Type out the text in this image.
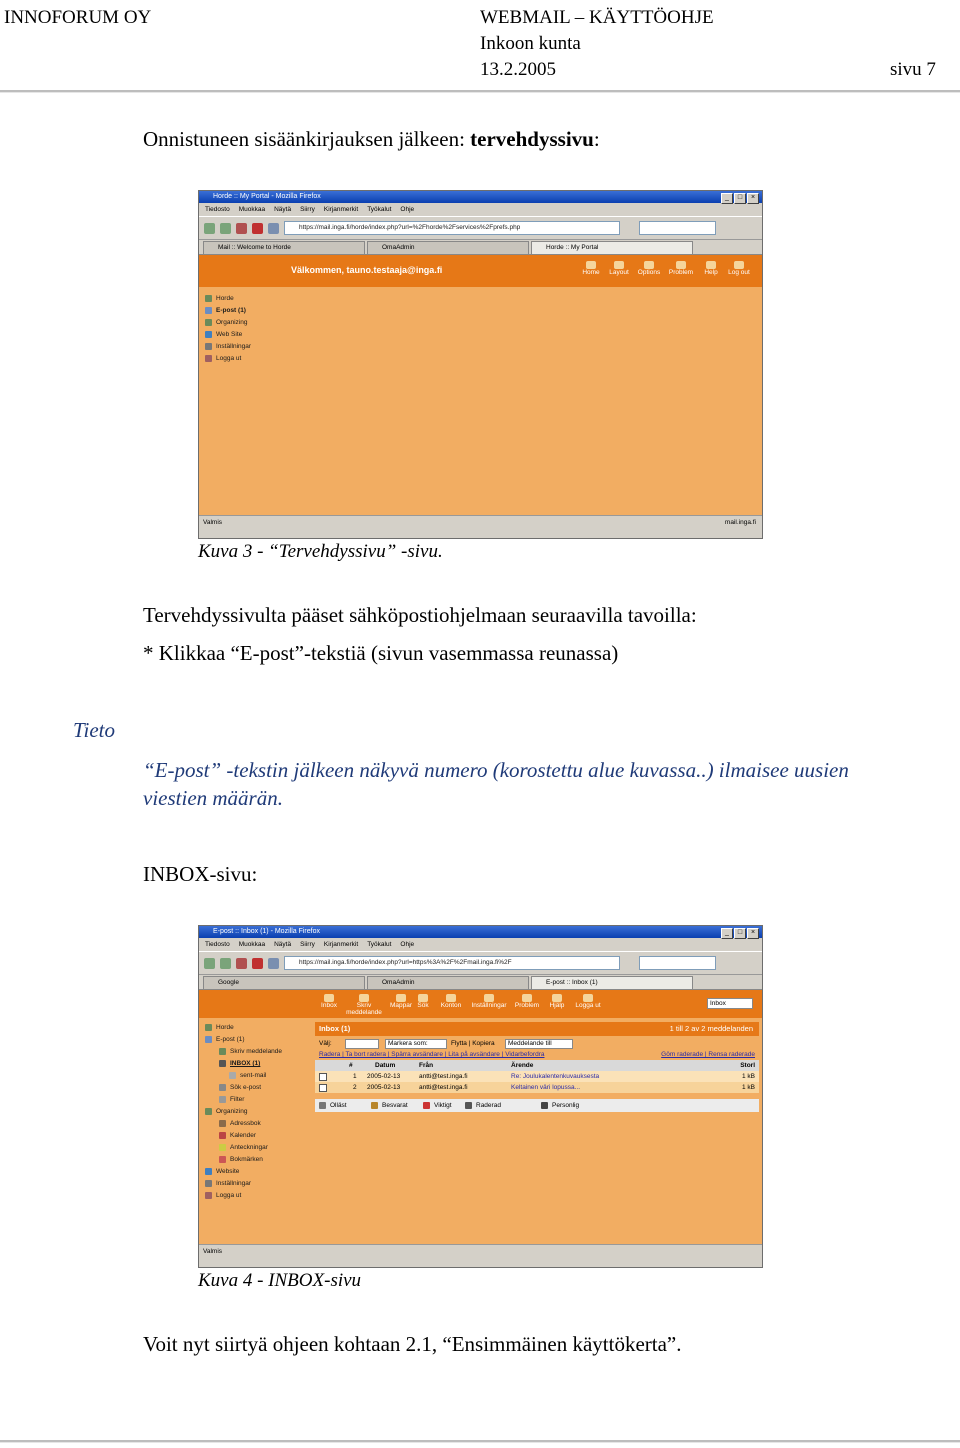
INNOFORUM OY	WEBMAIL – KÄYTTÖOHJE
Inkoon kunta
13.2.2005	sivu 7
Onnistuneen sisäänkirjauksen jälkeen: tervehdyssivu:
Horde :: My Portal - Mozilla Firefox	_	□	×
Tiedosto Muokkaa Näytä Siirry Kirjanmerkit Työkalut Ohje
https://mail.inga.fi/horde/index.php?url=%2Fhorde%2Fservices%2Fprefs.php
Mail :: Welcome to Horde	OmaAdmin	Horde :: My Portal
Välkommen, tauno.testaaja@inga.fi	Home	Layout	Options	Problem	Help	Log out
Horde
E-post (1)
Organizing
Web Site
Inställningar
Logga ut
Valmis	mail.inga.fi
Kuva 3 - “Tervehdyssivu” -sivu.
Tervehdyssivulta pääset sähköpostiohjelmaan seuraavilla tavoilla:
* Klikkaa “E-post”-tekstiä (sivun vasemmassa reunassa)
Tieto
“E-post” -tekstin jälkeen näkyvä numero (korostettu alue kuvassa..) ilmaisee uusien
viestien määrän.
INBOX-sivu:
E-post :: Inbox (1) - Mozilla Firefox	_	□	×
Tiedosto Muokkaa Näytä Siirry Kirjanmerkit Työkalut Ohje
https://mail.inga.fi/horde/index.php?url=https%3A%2F%2Fmail.inga.fi%2F
Google	OmaAdmin	E-post :: Inbox (1)
Inbox	Skriv meddelande
Mappar Sök	Konton	Inställningar	Problem	Hjälp	Logga ut	Inbox
Horde
E-post (1)
Skriv meddelande
INBOX (1)
sent-mail
Sök e-post
Filter
Organizing
Adressbok
Kalender
Anteckningar
Bokmärken
Website
Inställningar
Logga ut
Inbox (1)	1 till 2 av 2 meddelanden
Välj:	Markera som:	Flytta | Kopiera	Meddelande till
Radera | Ta bort radera | Spärra avsändare | Lita på avsändare | Vidarbefordra	Göm raderade | Rensa raderade
#	Datum	Från	Ärende	Storl
1 2005-02-13	antti@test.inga.fi	Re: Joulukalentenkuvauksesta	1 kB
2 2005-02-13	antti@test.inga.fi	Keltainen väri lopussa...	1 kB
Olläst	Besvarat	Viktigt	Raderad	Personlig
Valmis
Kuva 4 - INBOX-sivu
Voit nyt siirtyä ohjeen kohtaan 2.1, “Ensimmäinen käyttökerta”.
